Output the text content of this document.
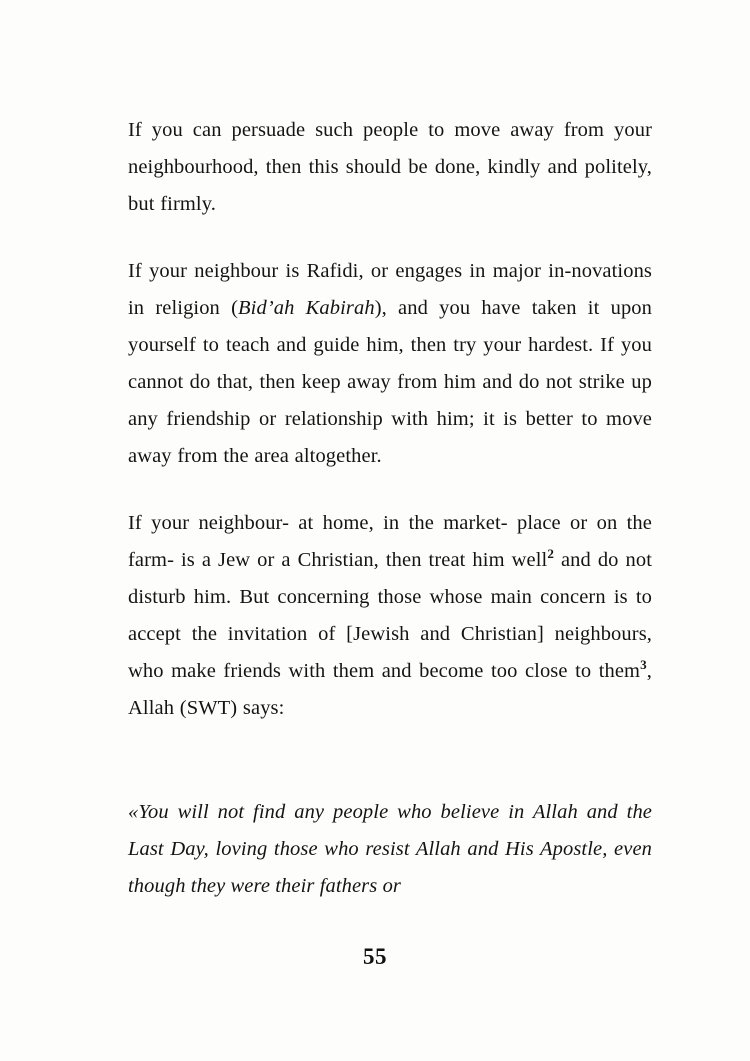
If you can persuade such people to move away from your neighbourhood, then this should be done, kindly and politely, but firmly.

If your neighbour is Rafidi, or engages in major in-novations in religion (Bid’ah Kabirah), and you have taken it upon yourself to teach and guide him, then try your hardest. If you cannot do that, then keep away from him and do not strike up any friendship or relationship with him; it is better to move away from the area altogether.

If your neighbour- at home, in the market- place or on the farm- is a Jew or a Christian, then treat him well$^2$ and do not disturb him. But concerning those whose main concern is to accept the invitation of [Jewish and Christian] neighbours, who make friends with them and become too close to them$^3$, Allah (SWT) says:

«You will not find any people who believe in Allah and the Last Day, loving those who resist Allah and His Apostle, even though they were their fathers or

55
